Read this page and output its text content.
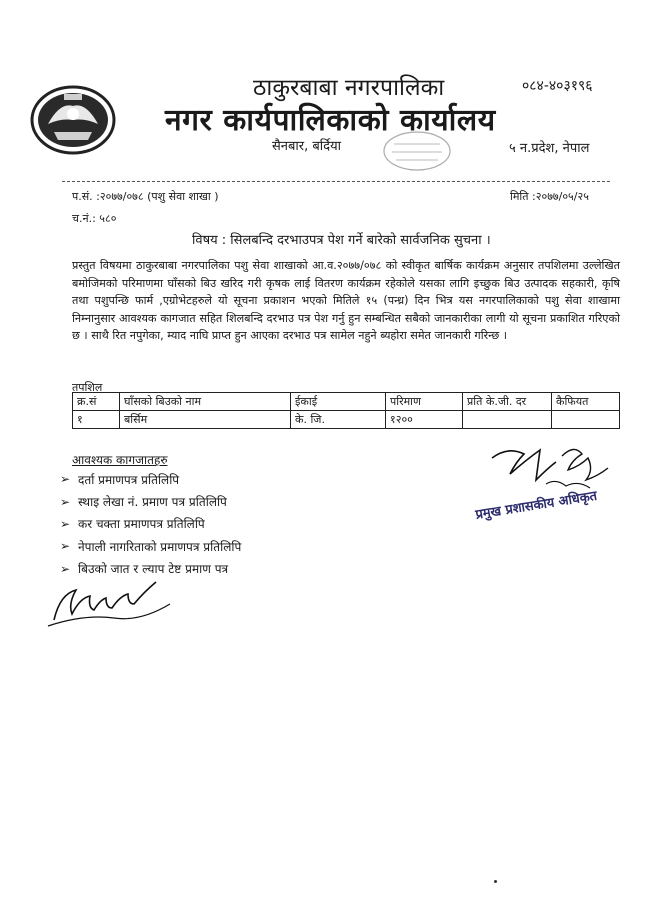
ठाकुरबाबा नगरपालिका
नगर कार्यपालिकाको कार्यालय
सैनबार, बर्दिया
०८४-४०३१९६
५ न.प्रदेश, नेपाल
प.सं. :२०७७/०७८ (पशु सेवा शाखा )
च.नं.: ५८०
मिति :२०७७/०५/२५
विषय : सिलबन्दि दरभाउपत्र पेश गर्ने बारेको सार्वजनिक सुचना ।
प्रस्तुत विषयमा ठाकुरबाबा नगरपालिका पशु सेवा शाखाको आ.व.२०७७/०७८ को स्वीकृत बार्षिक कार्यक्रम अनुसार तपशिलमा उल्लेखित बमोजिमको परिमाणमा घाँसको बिउ खरिद गरी कृषक लाई वितरण कार्यक्रम रहेकोले यसका लागि इच्छुक बिउ उत्पादक सहकारी, कृषि तथा पशुपन्छि फार्म ,एग्रोभेटहरुले यो सूचना प्रकाशन भएको मितिले १५ (पन्ध्र) दिन भित्र यस नगरपालिकाको पशु सेवा शाखामा निम्नानुसार आवश्यक कागजात सहित शिलबन्दि दरभाउ पत्र पेश गर्नु हुन सम्बन्धित सबैको जानकारीका लागी यो सूचना प्रकाशित गरिएको छ । साथै रित नपुगेका, म्याद नाघि प्राप्त हुन आएका दरभाउ पत्र सामेल नहुने ब्यहोरा समेत जानकारी गरिन्छ ।
तपशिल
क्र.सं	घाँसको बिउको नाम	ईकाई	परिमाण	प्रति के.जी. दर	कैफियत
१	बर्सिम	के. जि.	१२००		
आवश्यक कागजातहरु
➢ दर्ता प्रमाणपत्र प्रतिलिपि
➢ स्थाइ लेखा नं. प्रमाण पत्र प्रतिलिपि
➢ कर चक्ता प्रमाणपत्र प्रतिलिपि
➢ नेपाली नागरिताको प्रमाणपत्र प्रतिलिपि
➢ बिउको जात र ल्याप टेष्ट प्रमाण पत्र
प्रमुख प्रशासकीय अधिकृत
